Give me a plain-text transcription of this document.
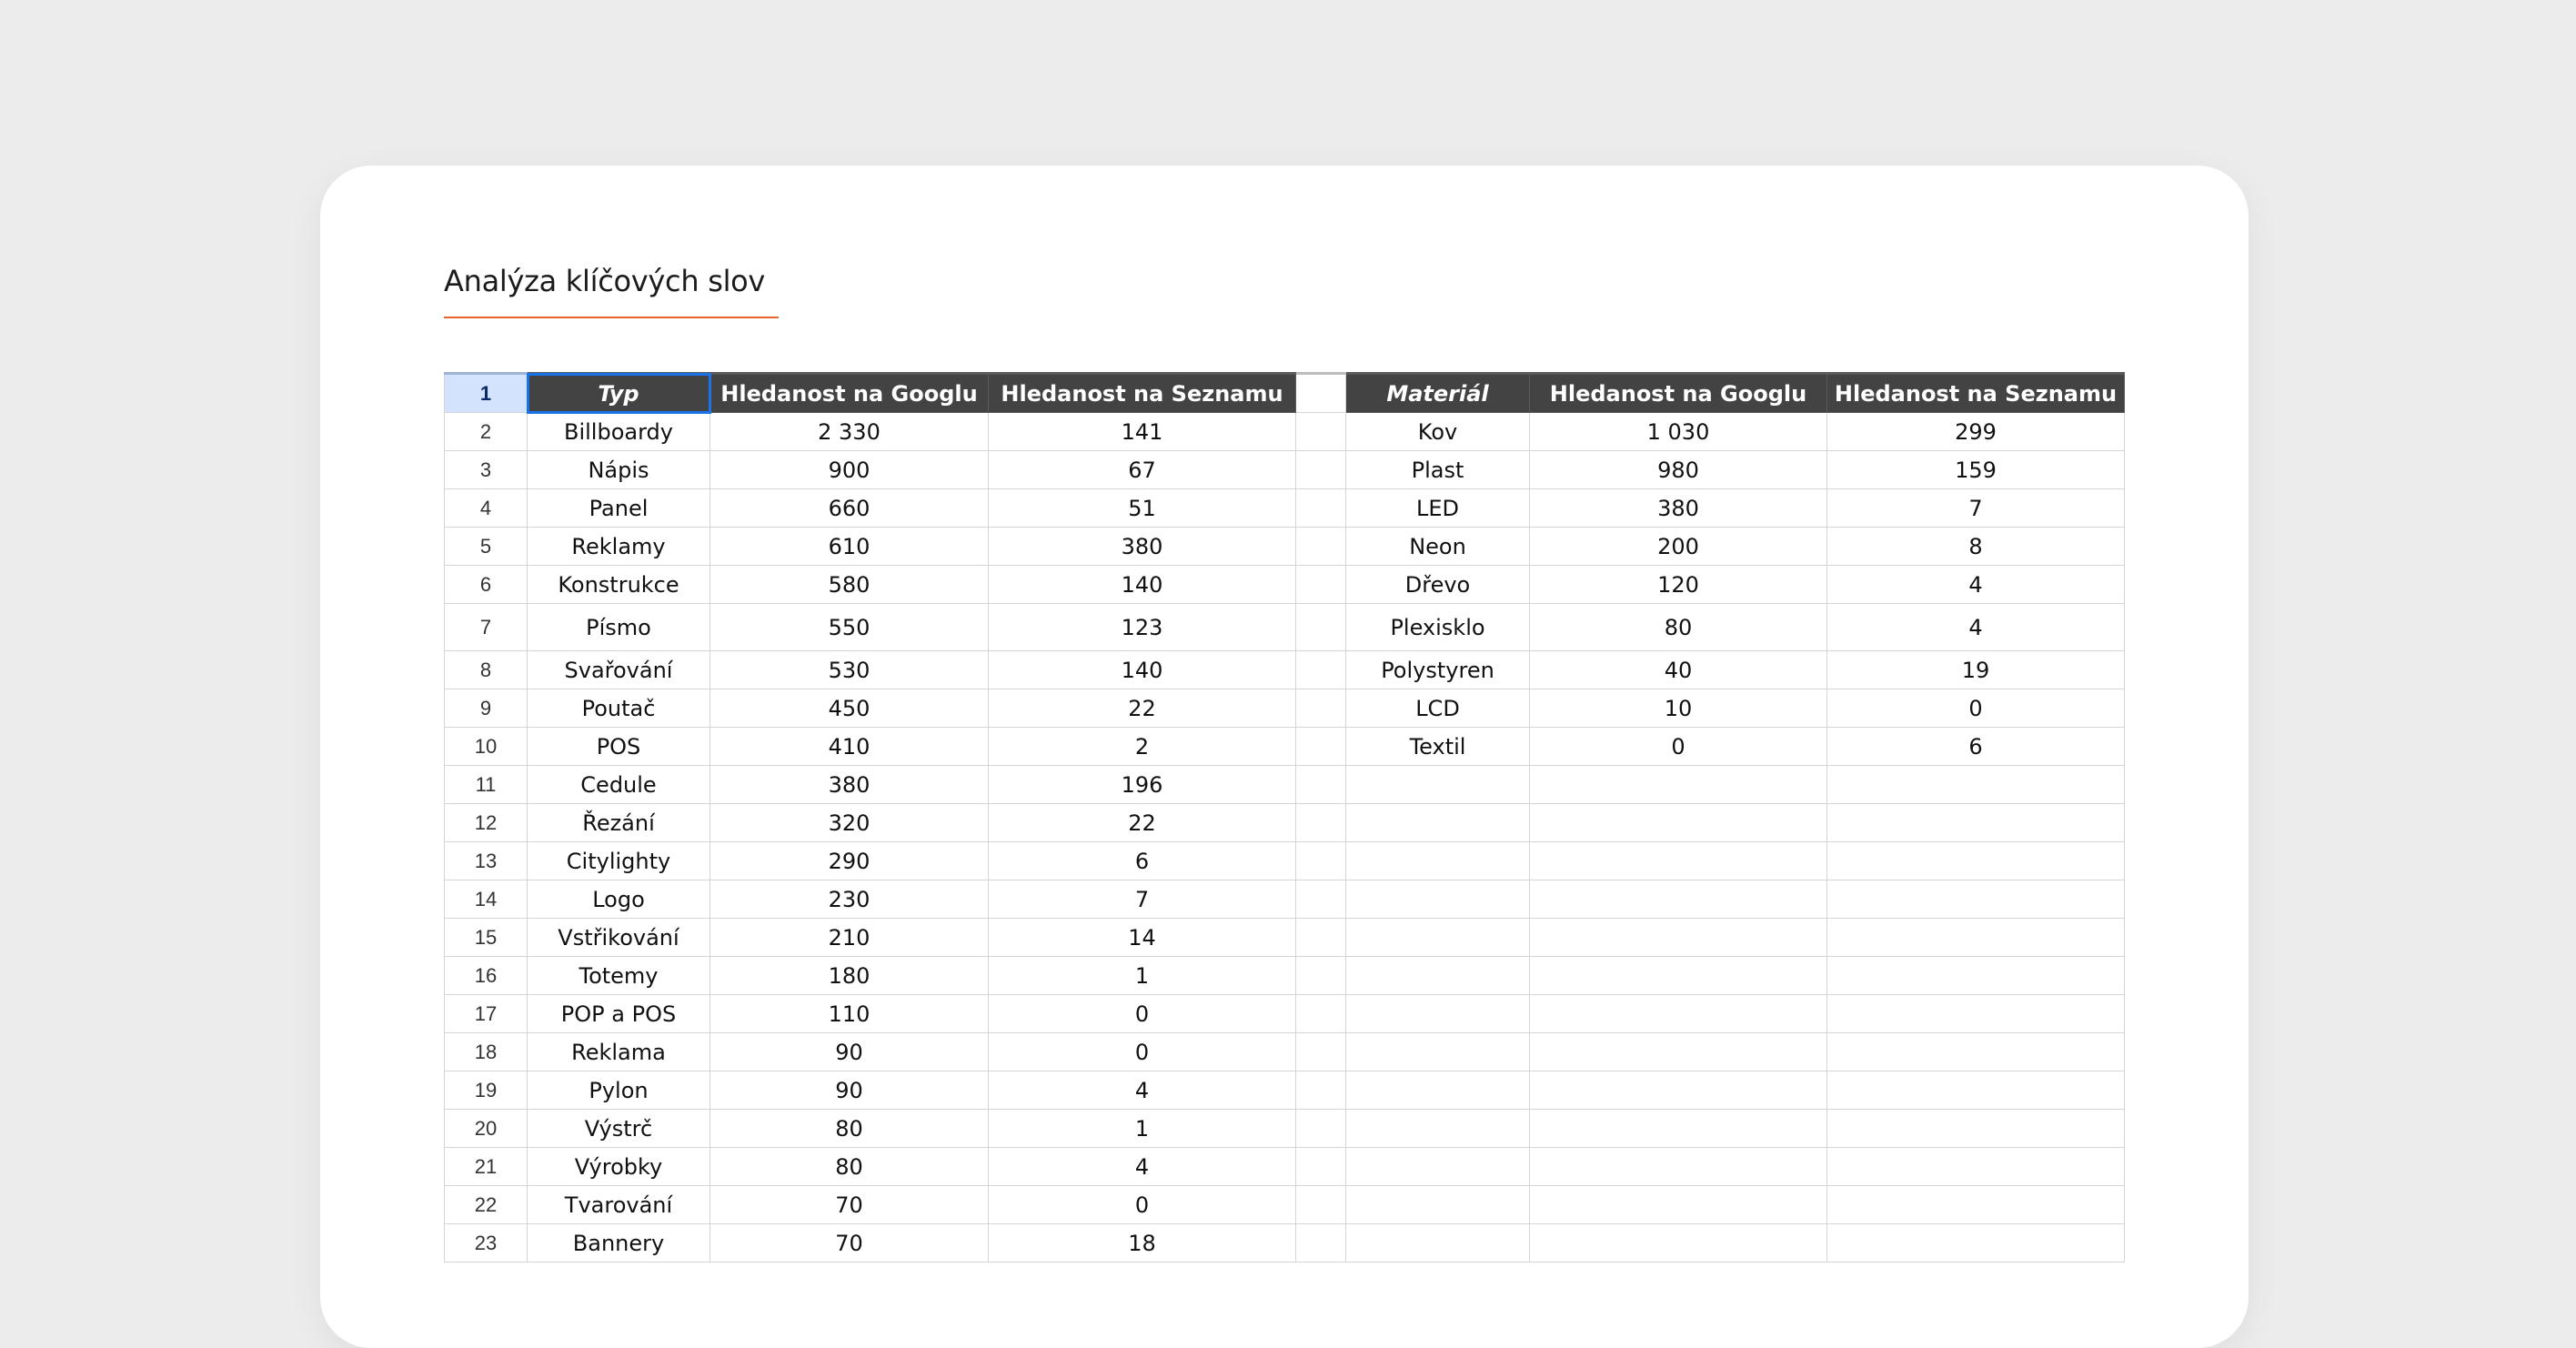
Analýza klíčových slov
1	Typ	Hledanost na Googlu	Hledanost na Seznamu		Materiál	Hledanost na Googlu	Hledanost na Seznamu
2	Billboardy	2 330	141		Kov	1 030	299
3	Nápis	900	67		Plast	980	159
4	Panel	660	51		LED	380	7
5	Reklamy	610	380		Neon	200	8
6	Konstrukce	580	140		Dřevo	120	4
7	Písmo	550	123		Plexisklo	80	4
8	Svařování	530	140		Polystyren	40	19
9	Poutač	450	22		LCD	10	0
10	POS	410	2		Textil	0	6
11	Cedule	380	196				
12	Řezání	320	22				
13	Citylighty	290	6				
14	Logo	230	7				
15	Vstřikování	210	14				
16	Totemy	180	1				
17	POP a POS	110	0				
18	Reklama	90	0				
19	Pylon	90	4				
20	Výstrč	80	1				
21	Výrobky	80	4				
22	Tvarování	70	0				
23	Bannery	70	18				
